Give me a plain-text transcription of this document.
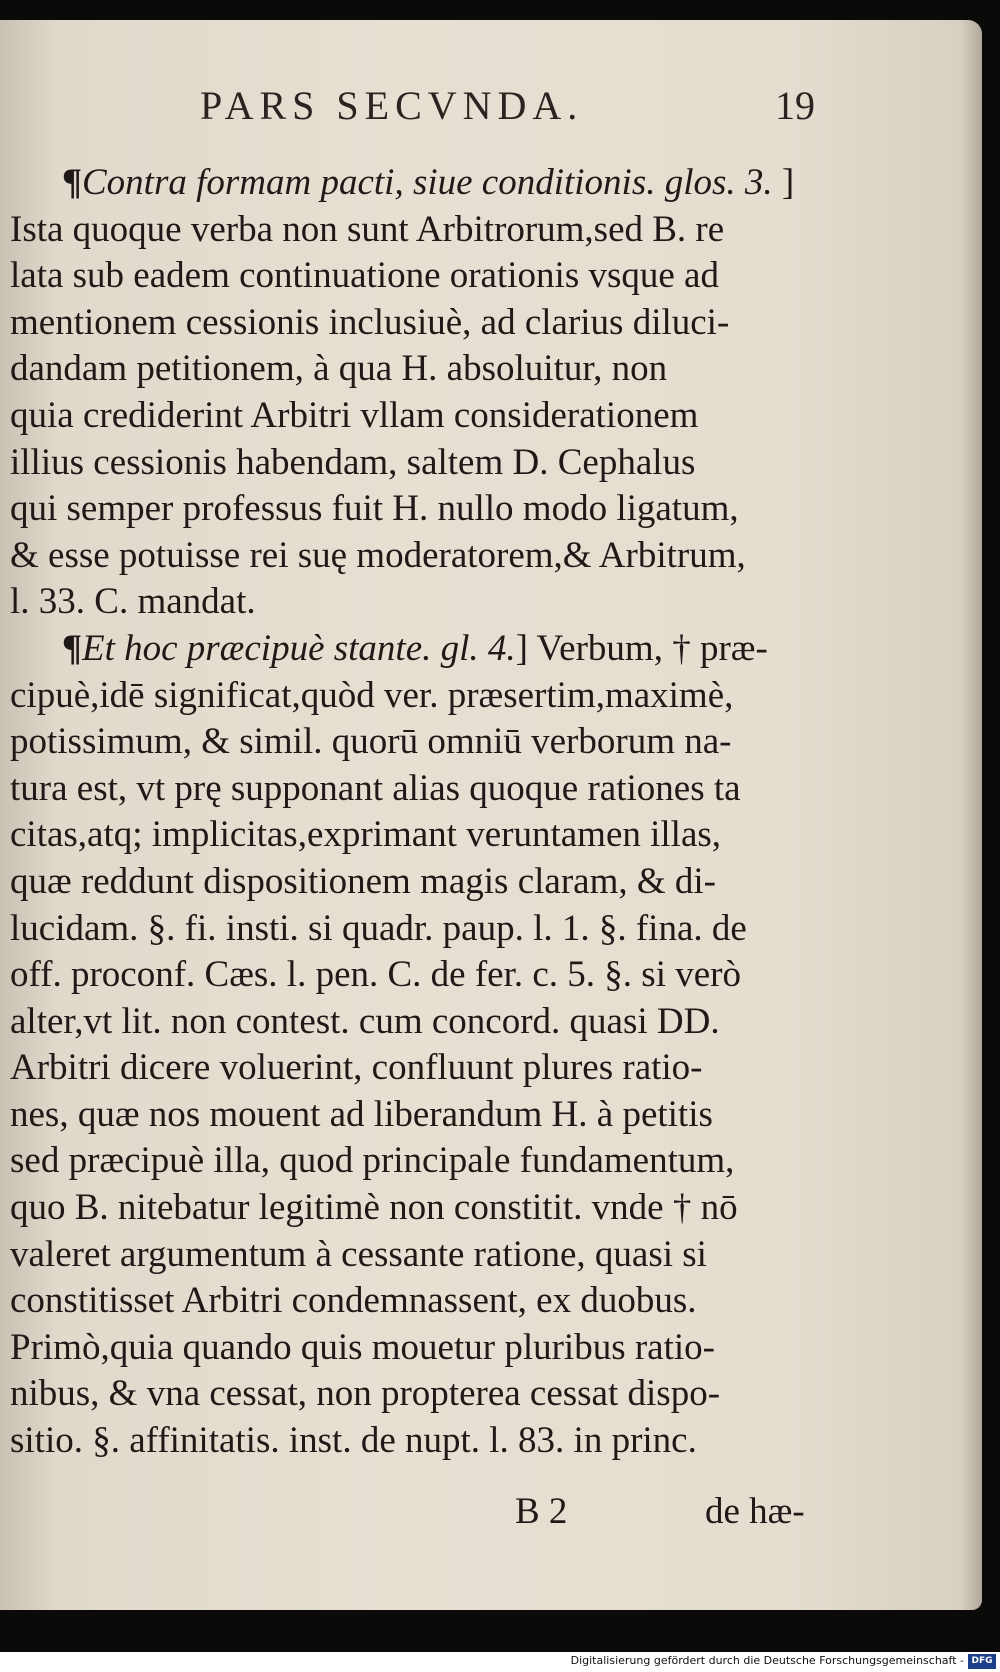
PARS SECVNDA.	19
¶Contra formam pacti, siue conditionis. glos. 3. ]
Ista quoque verba non sunt Arbitrorum,sed B. re
lata sub eadem continuatione orationis vsque ad
mentionem cessionis inclusiuè, ad clarius diluci-
dandam petitionem, à qua H. absoluitur, non
quia crediderint Arbitri vllam considerationem
illius cessionis habendam, saltem D. Cephalus
qui semper professus fuit H. nullo modo ligatum,
& esse potuisse rei suę moderatorem,& Arbitrum,
l. 33. C. mandat.
¶Et hoc præcipuè stante. gl. 4.] Verbum, † præ-
cipuè,idē significat,quòd ver. præsertim,maximè,
potissimum, & simil. quorū omniū verborum na-
tura est, vt prę supponant alias quoque rationes ta
citas,atq; implicitas,exprimant veruntamen illas,
quæ reddunt dispositionem magis claram, & di-
lucidam. §. fi. insti. si quadr. paup. l. 1. §. fina. de
off. proconf. Cæs. l. pen. C. de fer. c. 5. §. si verò
alter,vt lit. non contest. cum concord. quasi DD.
Arbitri dicere voluerint, confluunt plures ratio-
nes, quæ nos mouent ad liberandum H. à petitis
sed præcipuè illa, quod principale fundamentum,
quo B. nitebatur legitimè non constitit. vnde † nō
valeret argumentum à cessante ratione, quasi si
constitisset Arbitri condemnassent, ex duobus.
Primò,quia quando quis mouetur pluribus ratio-
nibus, & vna cessat, non propterea cessat dispo-
sitio. §. affinitatis. inst. de nupt. l. 83. in princ.
B 2	de hæ-
Digitalisierung gefördert durch die Deutsche Forschungsgemeinschaft - DFG
